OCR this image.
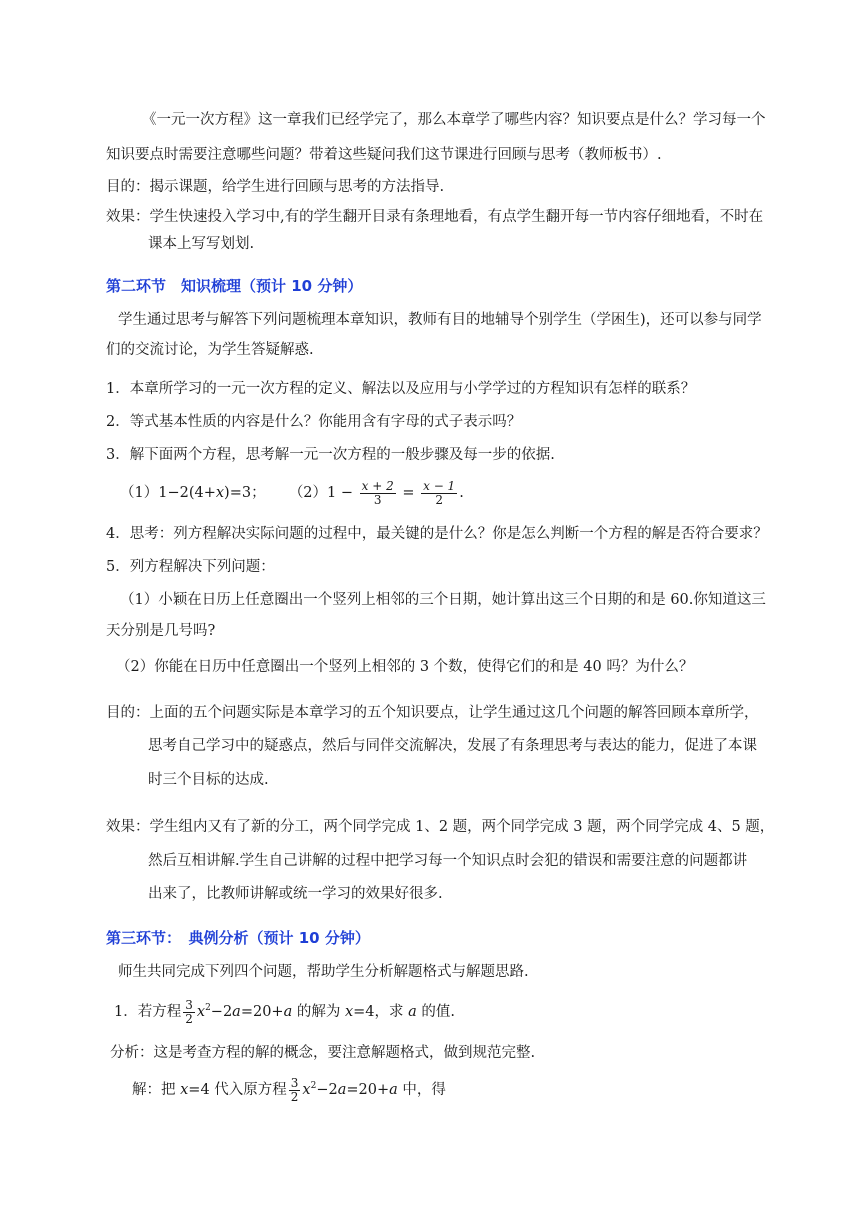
《一元一次方程》这一章我们已经学完了，那么本章学了哪些内容？知识要点是什么？学习每一个
知识要点时需要注意哪些问题？带着这些疑问我们这节课进行回顾与思考（教师板书）.
目的：揭示课题，给学生进行回顾与思考的方法指导.
效果：学生快速投入学习中,有的学生翻开目录有条理地看，有点学生翻开每一节内容仔细地看，不时在
课本上写写划划.
第二环节　知识梳理（预计 10 分钟）
学生通过思考与解答下列问题梳理本章知识，教师有目的地辅导个别学生（学困生)，还可以参与同学
们的交流讨论，为学生答疑解惑.
1．本章所学习的一元一次方程的定义、解法以及应用与小学学过的方程知识有怎样的联系？
2．等式基本性质的内容是什么？你能用含有字母的式子表示吗？
3．解下面两个方程，思考解一元一次方程的一般步骤及每一步的依据.
（1）1−2(4+x)=3； $(2)1 - \frac{x + 2}{3} = \frac{x - 1}{2}$ .
4．思考：列方程解决实际问题的过程中，最关键的是什么？你是怎么判断一个方程的解是否符合要求？
5．列方程解决下列问题：
（1）小颖在日历上任意圈出一个竖列上相邻的三个日期，她计算出这三个日期的和是 60.你知道这三
天分别是几号吗?
（2）你能在日历中任意圈出一个竖列上相邻的 3 个数，使得它们的和是 40 吗？为什么？
目的：上面的五个问题实际是本章学习的五个知识要点，让学生通过这几个问题的解答回顾本章所学，
思考自己学习中的疑惑点，然后与同伴交流解决，发展了有条理思考与表达的能力，促进了本课
时三个目标的达成.
效果：学生组内又有了新的分工，两个同学完成 1、2 题，两个同学完成 3 题，两个同学完成 4、5 题，
然后互相讲解.学生自己讲解的过程中把学习每一个知识点时会犯的错误和需要注意的问题都讲
出来了，比教师讲解或统一学习的效果好很多.
第三环节：　典例分析（预计 10 分钟）
师生共同完成下列四个问题，帮助学生分析解题格式与解题思路.
1．若方程 $\frac{3}{2} x^2-2a=20+a$ 的解为 x=4，求 a 的值.
分析：这是考查方程的解的概念，要注意解题格式，做到规范完整.
解：把 x=4 代入原方程 $\frac{3}{2} x^2-2a=20+a$ 中，得
